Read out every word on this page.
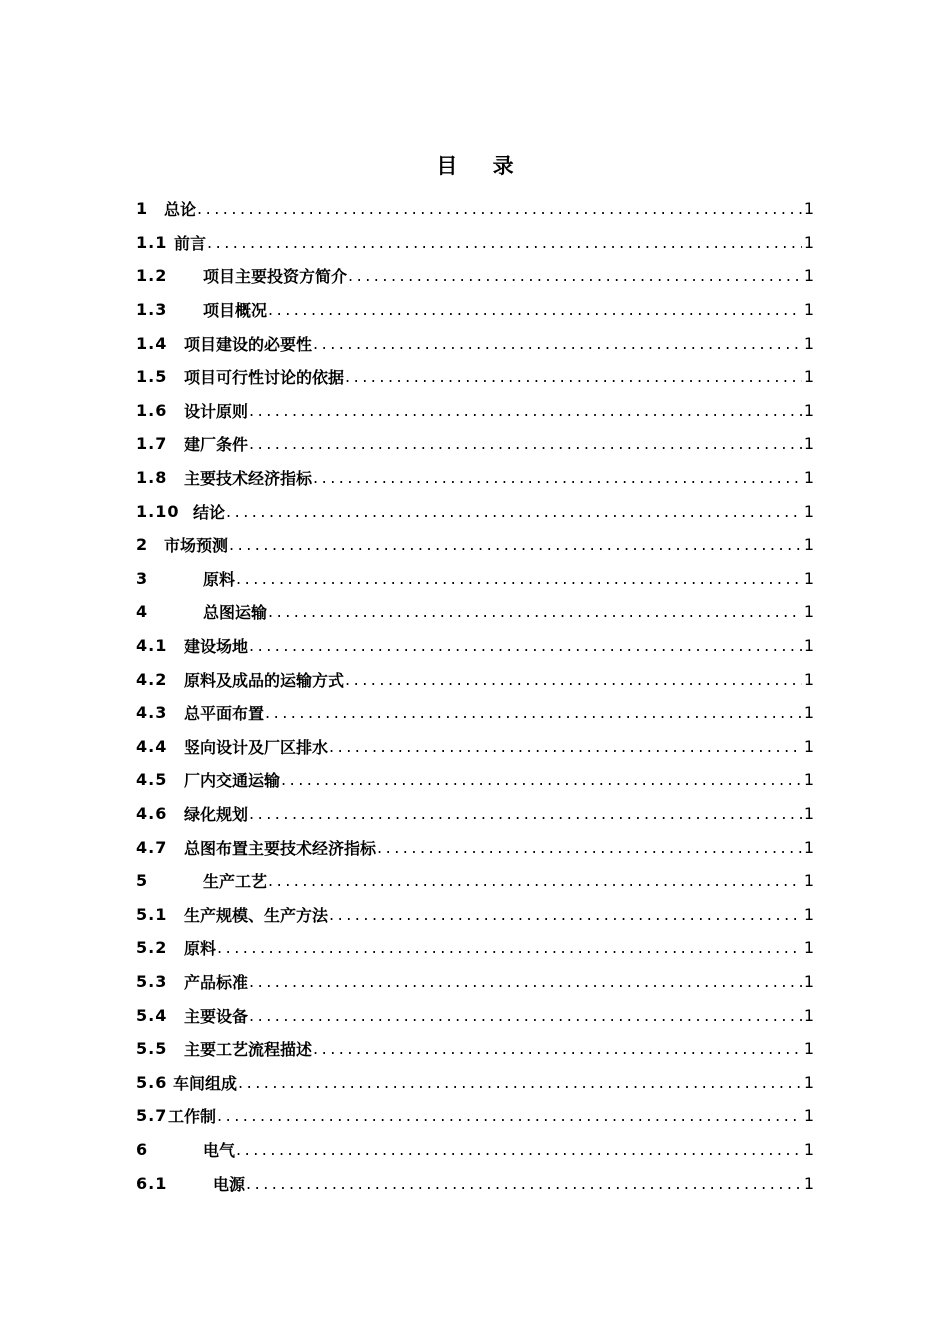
目 录
1 总论 .....	1
1.1 前言 .....	1
1.2	项目主要投资方简介 .....	1
1.3	项目概况 .....	1
1.4	项目建设的必要性 .....	1
1.5	项目可行性讨论的依据 .....	1
1.6	设计原则 .....	1
1.7	建厂条件 .....	1
1.8	主要技术经济指标 .....	1
1.10 结论 .....	1
2 市场预测 .....	1
3	原料 .....	1
4	总图运输 .....	1
4.1	建设场地 .....	1
4.2	原料及成品的运输方式 .....	1
4.3	总平面布置 .....	1
4.4	竖向设计及厂区排水 .....	1
4.5	厂内交通运输 .....	1
4.6	绿化规划 .....	1
4.7	总图布置主要技术经济指标 .....	1
5	生产工艺 .....	1
5.1	生产规模、生产方法 .....	1
5.2	原料 .....	1
5.3	产品标准 .....	1
5.4	主要设备 .....	1
5.5	主要工艺流程描述 .....	1
5.6 车间组成 .....	1
5.7 工作制 .....	1
6	电气 .....	1
6.1	电源 .....	1
